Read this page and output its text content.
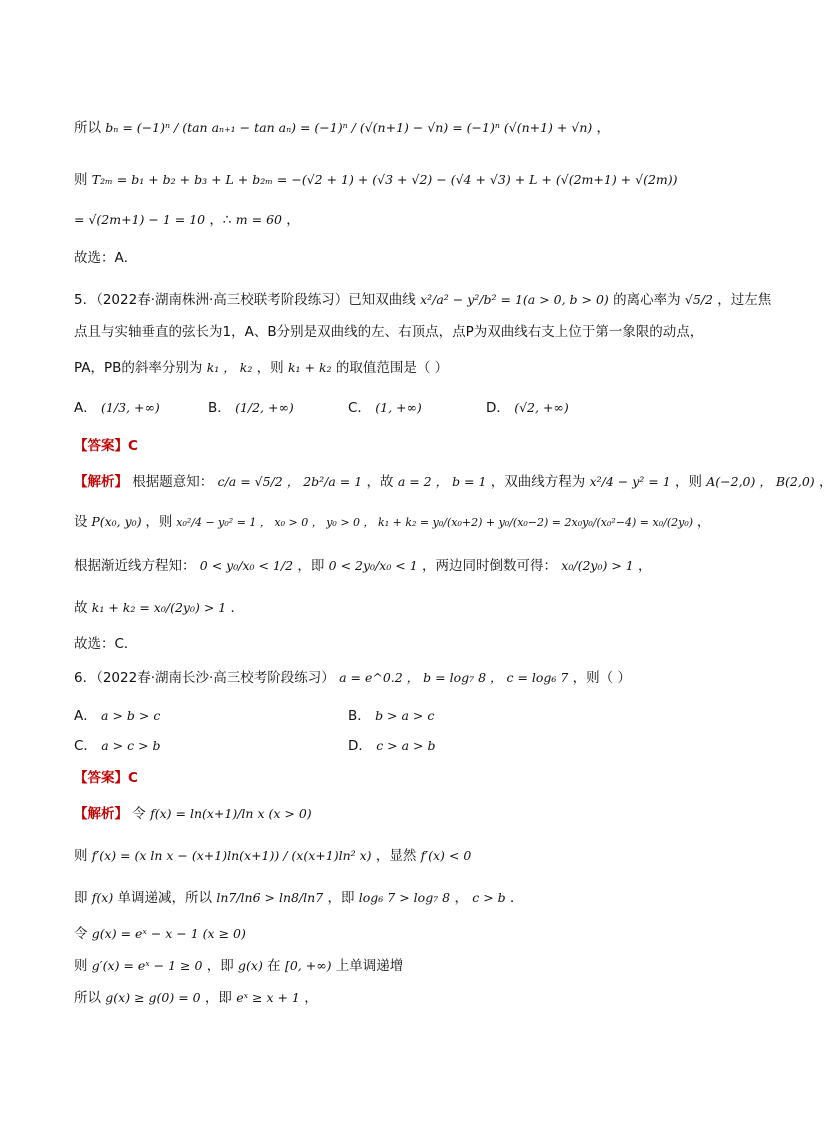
所以 bₙ = (−1)ⁿ / (tan aₙ₊₁ − tan aₙ) = (−1)ⁿ / (√(n+1) − √n) = (−1)ⁿ (√(n+1) + √n) ，
则 T₂ₘ = b₁ + b₂ + b₃ + L + b₂ₘ = −(√2 + 1) + (√3 + √2) − (√4 + √3) + L + (√(2m+1) + √(2m))
= √(2m+1) − 1 = 10 ，∴ m = 60 ，
故选：A．
5．（2022春·湖南株洲·高三校联考阶段练习）已知双曲线 x²/a² − y²/b² = 1(a > 0, b > 0) 的离心率为 √5/2 ，过左焦
点且与实轴垂直的弦长为1，A、B分别是双曲线的左、右顶点，点P为双曲线右支上位于第一象限的动点，
PA，PB的斜率分别为 k₁ ， k₂ ，则 k₁ + k₂ 的取值范围是（ ）
A． (1/3, +∞)	B． (1/2, +∞)	C． (1, +∞)	D． (√2, +∞)
【答案】C
【解析】 根据题意知： c/a = √5/2 ， 2b²/a = 1 ，故 a = 2 ， b = 1 ，双曲线方程为 x²/4 − y² = 1 ，则 A(−2,0) ， B(2,0) ，
设 P(x₀, y₀) ，则 x₀²/4 − y₀² = 1 ， x₀ > 0 ， y₀ > 0 ， k₁ + k₂ = y₀/(x₀+2) + y₀/(x₀−2) = 2x₀y₀/(x₀²−4) = x₀/(2y₀) ，
根据渐近线方程知： 0 < y₀/x₀ < 1/2 ，即 0 < 2y₀/x₀ < 1 ，两边同时倒数可得： x₀/(2y₀) > 1 ，
故 k₁ + k₂ = x₀/(2y₀) > 1 ．
故选：C．
6．（2022春·湖南长沙·高三校考阶段练习） a = e^0.2 ， b = log₇ 8 ， c = log₆ 7 ，则（ ）
A． a > b > c	B． b > a > c
C． a > c > b	D． c > a > b
【答案】C
【解析】 令 f(x) = ln(x+1)/ln x (x > 0)
则 f′(x) = (x ln x − (x+1)ln(x+1)) / (x(x+1)ln² x) ，显然 f′(x) < 0
即 f(x) 单调递减，所以 ln7/ln6 > ln8/ln7 ，即 log₆ 7 > log₇ 8 ， c > b ．
令 g(x) = eˣ − x − 1 (x ≥ 0)
则 g′(x) = eˣ − 1 ≥ 0 ，即 g(x) 在 [0, +∞) 上单调递增
所以 g(x) ≥ g(0) = 0 ，即 eˣ ≥ x + 1 ，
